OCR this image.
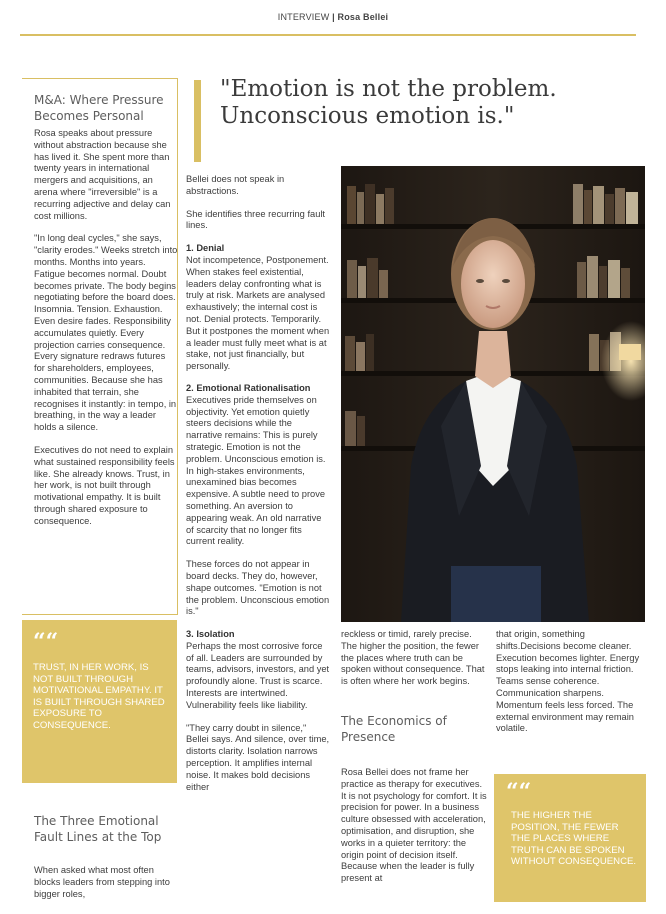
INTERVIEW | Rosa Bellei
M&A: Where Pressure Becomes Personal

Rosa speaks about pressure without abstraction because she has lived it. She spent more than twenty years in international mergers and acquisitions, an arena where "irreversible" is a recurring adjective and delay can cost millions.

"In long deal cycles," she says, "clarity erodes." Weeks stretch into months. Months into years. Fatigue becomes normal. Doubt becomes private. The body begins negotiating before the board does. Insomnia. Tension. Exhaustion. Even desire fades. Responsibility accumulates quietly. Every projection carries consequence. Every signature redraws futures for shareholders, employees, communities. Because she has inhabited that terrain, she recognises it instantly: in tempo, in breathing, in the way a leader holds a silence.

Executives do not need to explain what sustained responsibility feels like. She already knows. Trust, in her work, is not built through motivational empathy. It is built through shared exposure to consequence.

““
TRUST, IN HER WORK, IS NOT BUILT THROUGH MOTIVATIONAL EMPATHY. IT IS BUILT THROUGH SHARED EXPOSURE TO CONSEQUENCE.
The Three Emotional Fault Lines at the Top
When asked what most often blocks leaders from stepping into bigger roles,
"Emotion is not the problem.
Unconscious emotion is."

Bellei does not speak in abstractions.

She identifies three recurring fault lines.

1. Denial
Not incompetence, Postponement. When stakes feel existential, leaders delay confronting what is truly at risk. Markets are analysed exhaustively; the internal cost is not. Denial protects. Temporarily. But it postpones the moment when a leader must fully meet what is at stake, not just financially, but personally.

2. Emotional Rationalisation
Executives pride themselves on objectivity. Yet emotion quietly steers decisions while the narrative remains: This is purely strategic. Emotion is not the problem. Unconscious emotion is. In high-stakes environments, unexamined bias becomes expensive. A subtle need to prove something. An aversion to appearing weak. An old narrative of scarcity that no longer fits current reality.

These forces do not appear in board decks. They do, however, shape outcomes. "Emotion is not the problem. Unconscious emotion is."

3. Isolation
Perhaps the most corrosive force of all. Leaders are surrounded by teams, advisors, investors, and yet profoundly alone. Trust is scarce. Interests are intertwined. Vulnerability feels like liability.

"They carry doubt in silence," Bellei says. And silence, over time, distorts clarity. Isolation narrows perception. It amplifies internal noise. It makes bold decisions either

reckless or timid, rarely precise. The higher the position, the fewer the places where truth can be spoken without consequence. That is often where her work begins.
The Economics of Presence
Rosa Bellei does not frame her practice as therapy for executives. It is not psychology for comfort. It is precision for power. In a business culture obsessed with acceleration, optimisation, and disruption, she works in a quieter territory: the origin point of decision itself. Because when the leader is fully present at
that origin, something shifts.Decisions become cleaner. Execution becomes lighter. Energy stops leaking into internal friction. Teams sense coherence. Communication sharpens. Momentum feels less forced. The external environment may remain volatile.
““
THE HIGHER THE POSITION, THE FEWER THE PLACES WHERE TRUTH CAN BE SPOKEN WITHOUT CONSEQUENCE.
